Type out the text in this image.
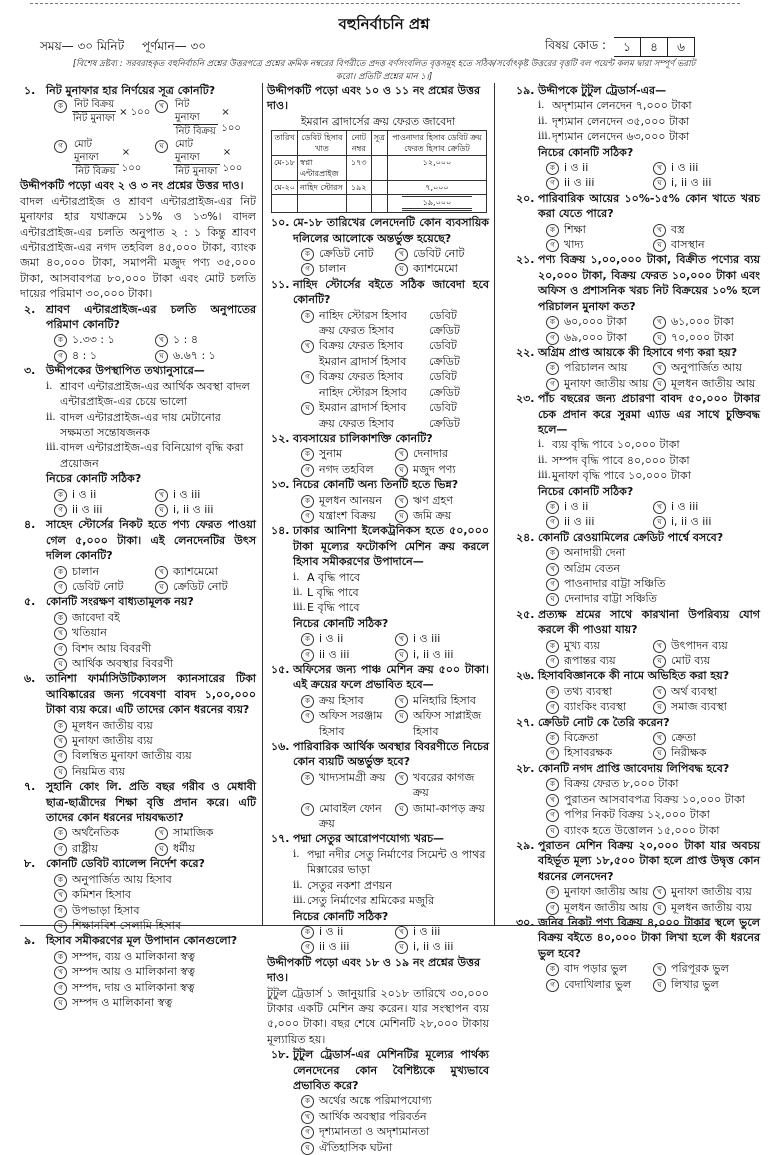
বহুনির্বাচনি প্রশ্ন
সময়— ৩০ মিনিট পূর্ণমান— ৩০	বিষয় কোড :	১	৪	৬
[বিশেষ দ্রষ্টব্য : সরবরাহকৃত বহুনির্বাচনি প্রশ্নের উত্তরপত্রে প্রশ্নের ক্রমিক নম্বরের বিপরীতে প্রদত্ত বর্ণসংবলিত বৃত্তসমূহ হতে সঠিক/সর্বোৎকৃষ্ট উত্তরের বৃত্তটি বল পয়েন্ট কলম দ্বারা সম্পূর্ণ ভরাট করো। প্রতিটি প্রশ্নের মান ১।]
১. নিট মুনাফার হার নির্ণয়ের সূত্র কোনটি?
ক $\frac{\text{নিট বিক্রয়}}{\text{নিট মুনাফা}}$ × ১০০
খ $\frac{\text{নিট মুনাফা}}{\text{নিট বিক্রয়}}$ × ১০০
গ $\frac{\text{মোট মুনাফা}}{\text{নিট বিক্রয়}}$ × ১০০
ঘ $\frac{\text{মোট মুনাফা}}{\text{নিট মুনাফা}}$ × ১০০
উদ্দীপকটি পড়ো এবং ২ ও ৩ নং প্রশ্নের উত্তর দাও।
বাদল এন্টারপ্রাইজ ও শ্রাবণ এন্টারপ্রাইজ-এর নিট মুনাফার হার যথাক্রমে ১১% ও ১৩%। বাদল এন্টারপ্রাইজ-এর চলতি অনুপাত ২ : ১ কিন্তু শ্রাবণ এন্টারপ্রাইজ-এর নগদ তহবিল ৪৫,০০০ টাকা, ব্যাংক জমা ৪০,০০০ টাকা, সমাপনী মজুদ পণ্য ৩৫,০০০ টাকা, আসবাবপত্র ৮০,০০০ টাকা এবং মোট চলতি দায়ের পরিমাণ ৩০,০০০ টাকা।
২. শ্রাবণ এন্টারপ্রাইজ-এর চলতি অনুপাতের পরিমাণ কোনটি?
ক ১.৩৩ : ১	খ ১ : ৪
গ ৪ : ১	ঘ ৬.৬৭ : ১
৩. উদ্দীপকের উপস্থাপিত তথ্যানুসারে—
i. শ্রাবণ এন্টারপ্রাইজ-এর আর্থিক অবস্থা বাদল এন্টারপ্রাইজ-এর চেয়ে ভালো
ii. বাদল এন্টারপ্রাইজ-এর দায় মেটানোর সক্ষমতা সন্তোষজনক
iii. বাদল এন্টারপ্রাইজ-এর বিনিয়োগ বৃদ্ধি করা প্রয়োজন
নিচের কোনটি সঠিক?
ক i ও ii	খ i ও iii
গ ii ও iii	ঘ i, ii ও iii
৪. সাহেদ স্টোর্সের নিকট হতে পণ্য ফেরত পাওয়া গেল ৫,০০০ টাকা। এই লেনদেনটির উৎস দলিল কোনটি?
ক চালান	খ ক্যাশমেমো
গ ডেবিট নোট	ঘ ক্রেডিট নোট
৫. কোনটি সংরক্ষণ বাধ্যতামূলক নয়?
ক জাবেদা বই
খ খতিয়ান
গ বিশদ আয় বিবরণী
ঘ আর্থিক অবস্থার বিবরণী
৬. তানিশা ফার্মাসিউটিক্যালস ক্যানসারের টিকা আবিষ্কারের জন্য গবেষণা বাবদ ১,০০,০০০ টাকা ব্যয় করে। এটি তাদের কোন ধরনের ব্যয়?
ক মূলধন জাতীয় ব্যয়
খ মুনাফা জাতীয় ব্যয়
গ বিলম্বিত মুনাফা জাতীয় ব্যয়
ঘ নিয়মিত ব্যয়
৭. সুহানি কোং লি. প্রতি বছর গরীব ও মেধাবী ছাত্র-ছাত্রীদের শিক্ষা বৃত্তি প্রদান করে। এটি তাদের কোন ধরনের দায়বদ্ধতা?
ক অর্থনৈতিক	খ সামাজিক
গ রাষ্ট্রীয়	ঘ ধর্মীয়
৮. কোনটি ডেবিট ব্যালেন্স নির্দেশ করে?
ক অনুপার্জিত আয় হিসাব
খ কমিশন হিসাব
গ উপভাড়া হিসাব
ঘ শিক্ষানবিশ সেলামি হিসাব
৯. হিসাব সমীকরণের মূল উপাদান কোনগুলো?
ক সম্পদ, ব্যয় ও মালিকানা স্বত্ব
খ সম্পদ আয় ও মালিকানা স্বত্ব
গ সম্পদ, দায় ও মালিকানা স্বত্ব
ঘ সম্পদ ও মালিকানা স্বত্ব
উদ্দীপকটি পড়ো এবং ১০ ও ১১ নং প্রশ্নের উত্তর দাও।
ইমরান ব্রাদার্সের ক্রয় ফেরত জাবেদা
তারিখ	ডেবিট হিসাব খাত	নোট নম্বর	সূত্র	পাওনাদার হিসাব ডেবিট ক্রয় ফেরত হিসাব ক্রেডিট
মে-১৮	স্বপ্না এন্টারপ্রাইজ	১৭৩		১২,০০০
মে-২০	নাহিদ স্টোরস	১৯২		৭,০০০
				১৯,০০০
১০. মে-১৮ তারিখের লেনদেনটি কোন ব্যবসায়িক দলিলের আলোকে অন্তর্ভুক্ত হয়েছে?
ক ক্রেডিট নোট	খ ডেবিট নোট
গ চালান	ঘ ক্যাশমেমো
১১. নাহিদ স্টোর্সের বইতে সঠিক জাবেদা হবে কোনটি?
ক নাহিদ স্টোরস হিসাব	ডেবিট
ক্রয় ফেরত হিসাব	ক্রেডিট
খ বিক্রয় ফেরত হিসাব	ডেবিট
ইমরান ব্রাদার্স হিসাব	ক্রেডিট
গ বিক্রয় ফেরত হিসাব	ডেবিট
নাহিদ স্টোরস হিসাব	ক্রেডিট
ঘ ইমরান ব্রাদার্স হিসাব	ডেবিট
ক্রয় ফেরত হিসাব	ক্রেডিট
১২. ব্যবসায়ের চালিকাশক্তি কোনটি?
ক সুনাম	খ দেনাদার
গ নগদ তহবিল	ঘ মজুদ পণ্য
১৩. নিচের কোনটি অন্য তিনটি হতে ভিন্ন?
ক মূলধন আনয়ন	খ ঋণ গ্রহণ
গ যন্ত্রাংশ বিক্রয়	ঘ জমি ক্রয়
১৪. ঢাকার আনিশা ইলেকট্রনিকস হতে ৫০,০০০ টাকা মূল্যের ফটোকপি মেশিন ক্রয় করলে হিসাব সমীকরণের উপাদানে—
i. A বৃদ্ধি পাবে
ii. L বৃদ্ধি পাবে
iii. E বৃদ্ধি পাবে
নিচের কোনটি সঠিক?
ক i ও ii	খ i ও iii
গ ii ও iii	ঘ i, ii ও iii
১৫. অফিসের জন্য পাঞ্চ মেশিন ক্রয় ৫০০ টাকা। এই ক্রয়ের ফলে প্রভাবিত হবে—
ক ক্রয় হিসাব	খ মনিহারি হিসাব
গ অফিস সরঞ্জাম হিসাব
ঘ অফিস সাপ্লাইজ হিসাব
১৬. পারিবারিক আর্থিক অবস্থার বিবরণীতে নিচের কোন ব্যয়টি অন্তর্ভুক্ত হবে?
ক খাদ্যসামগ্রী ক্রয়	খ খবরের কাগজ ক্রয়
গ মোবাইল ফোন ক্রয়
ঘ জামা-কাপড় ক্রয়
১৭. পদ্মা সেতুর আরোপণযোগ্য খরচ—
i. পদ্মা নদীর সেতু নির্মাণের সিমেন্ট ও পাথর মিক্সারের ভাড়া
ii. সেতুর নকশা প্রণয়ন
iii. সেতু নির্মাণের শ্রমিকের মজুরি
নিচের কোনটি সঠিক?
ক i ও ii	খ i ও iii
গ ii ও iii	ঘ i, ii ও iii
উদ্দীপকটি পড়ো এবং ১৮ ও ১৯ নং প্রশ্নের উত্তর দাও।
টুটুল ট্রেডার্স ১ জানুয়ারি ২০১৮ তারিখে ৩০,০০০ টাকার একটি মেশিন ক্রয় করেন। যার সংস্থাপন ব্যয় ৫,০০০ টাকা। বছর শেষে মেশিনটি ২৮,০০০ টাকায় মূল্যায়িত হয়।
১৮. টুটুল ট্রেডার্স-এর মেশিনটির মূল্যের পার্থক্য লেনদেনের কোন বৈশিষ্ট্যকে মুখ্যভাবে প্রভাবিত করে?
ক অর্থের অঙ্কে পরিমাপযোগ্য
খ আর্থিক অবস্থার পরিবর্তন
গ দৃশ্যমানতা ও অদৃশ্যমানতা
ঘ ঐতিহাসিক ঘটনা
১৯. উদ্দীপকে টুটুল ট্রেডার্স-এর—
i. অদৃশ্যমান লেনদেন ৭,০০০ টাকা
ii. দৃশ্যমান লেনদেন ৩৫,০০০ টাকা
iii. দৃশ্যমান লেনদেন ৬৩,০০০ টাকা
নিচের কোনটি সঠিক?
ক i ও ii	খ i ও iii
গ ii ও iii	ঘ i, ii ও iii
২০. পারিবারিক আয়ের ১০%-১৫% কোন খাতে খরচ করা যেতে পারে?
ক শিক্ষা	খ বস্ত্র
গ খাদ্য	ঘ বাসস্থান
২১. পণ্য বিক্রয় ১,০০,০০০ টাকা, বিক্রীত পণ্যের ব্যয় ২০,০০০ টাকা, বিক্রয় ফেরত ১০,০০০ টাকা এবং অফিস ও প্রশাসনিক খরচ নিট বিক্রয়ের ১০% হলে পরিচালন মুনাফা কত?
ক ৬০,০০০ টাকা	খ ৬১,০০০ টাকা
গ ৬৯,০০০ টাকা	ঘ ৭০,০০০ টাকা
২২. অগ্রিম প্রাপ্ত আয়কে কী হিসাবে গণ্য করা হয়?
ক পরিচালন আয়	খ অনুপার্জিত আয়
গ মুনাফা জাতীয় আয়	ঘ মূলধন জাতীয় আয়
২৩. পাঁচ বছরের জন্য প্রচারণা বাবদ ৫০,০০০ টাকার চেক প্রদান করে সুরমা এ্যাড এর সাথে চুক্তিবদ্ধ হলে—
i. ব্যয় বৃদ্ধি পাবে ১০,০০০ টাকা
ii. সম্পদ বৃদ্ধি পাবে ৪০,০০০ টাকা
iii. মুনাফা বৃদ্ধি পাবে ১০,০০০ টাকা
নিচের কোনটি সঠিক?
ক i ও ii	খ i ও iii
গ ii ও iii	ঘ i, ii ও iii
২৪. কোনটি রেওয়ামিলের ক্রেডিট পার্শ্বে বসবে?
ক অনাদায়ী দেনা
খ অগ্রিম বেতন
গ পাওনাদার বাট্টা সঞ্চিতি
ঘ দেনাদার বাট্টা সঞ্চিতি
২৫. প্রত্যক্ষ শ্রমের সাথে কারখানা উপরিব্যয় যোগ করলে কী পাওয়া যায়?
ক মুখ্য ব্যয়	খ উৎপাদন ব্যয়
গ রূপান্তর ব্যয়	ঘ মোট ব্যয়
২৬. হিসাববিজ্ঞানকে কী নামে অভিহিত করা হয়?
ক তথ্য ব্যবস্থা	খ অর্থ ব্যবস্থা
গ ব্যাংকিং ব্যবস্থা	ঘ সমাজ ব্যবস্থা
২৭. ক্রেডিট নোট কে তৈরি করেন?
ক বিক্রেতা	খ ক্রেতা
গ হিসাবরক্ষক	ঘ নিরীক্ষক
২৮. কোনটি নগদ প্রাপ্তি জাবেদায় লিপিবদ্ধ হবে?
ক বিক্রয় ফেরত ৮,০০০ টাকা
খ পুরাতন আসবাবপত্র বিক্রয় ১০,০০০ টাকা
গ পপির নিকট বিক্রয় ১২,০০০ টাকা
ঘ ব্যাংক হতে উত্তোলন ১৫,০০০ টাকা
২৯. পুরাতন মেশিন বিক্রয় ২০,০০০ টাকা যার অবচয় বহির্ভূত মূল্য ১৮,৫০০ টাকা হলে প্রাপ্ত উদ্বৃত্ত কোন ধরনের লেনদেন?
ক মুনাফা জাতীয় আয়	খ মুনাফা জাতীয় ব্যয়
গ মূলধন জাতীয় আয়	ঘ মূলধন জাতীয় ব্যয়
৩০. জনির নিকট পণ্য বিক্রয় ৪,০০০ টাকার স্থলে ভুলে বিক্রয় বইতে ৪০,০০০ টাকা লিখা হলে কী ধরনের ভুল হবে?
ক বাদ পড়ার ভুল	খ পরিপূরক ভুল
গ বেদাখিলার ভুল	ঘ লিখার ভুল
